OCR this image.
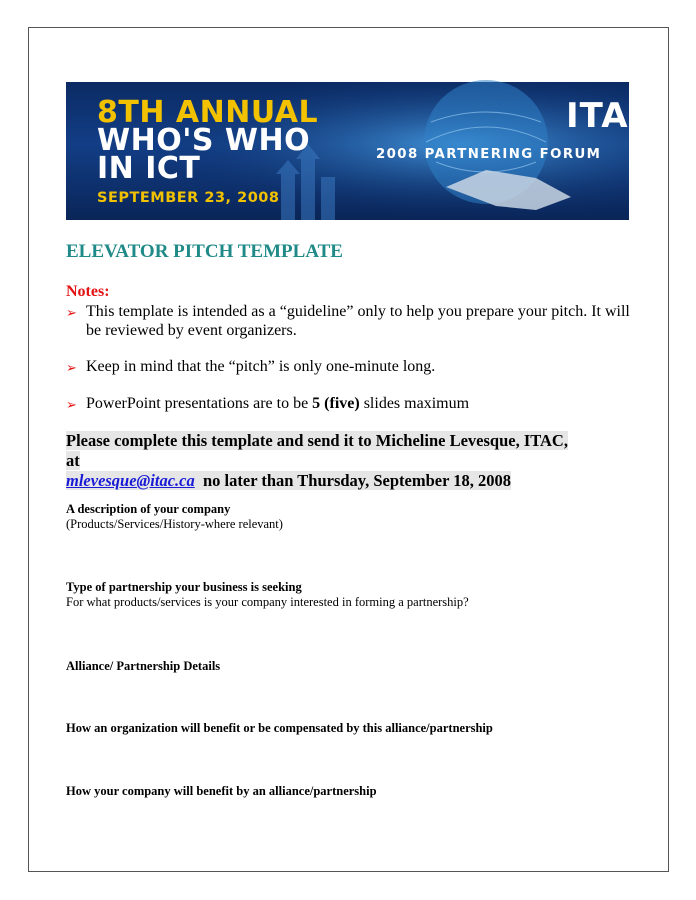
8TH ANNUAL
WHO'S WHO
IN ICT
SEPTEMBER 23, 2008
ITAC
2008 PARTNERING FORUM
ELEVATOR PITCH TEMPLATE
Notes:
➢ This template is intended as a “guideline” only to help you prepare your pitch. It will be reviewed by event organizers.
➢ Keep in mind that the “pitch” is only one-minute long.
➢ PowerPoint presentations are to be 5 (five) slides maximum
Please complete this template and send it to Micheline Levesque, ITAC, at
mlevesque@itac.ca  no later than Thursday, September 18, 2008
A description of your company
(Products/Services/History-where relevant)
Type of partnership your business is seeking
For what products/services is your company interested in forming a partnership?
Alliance/ Partnership Details
How an organization will benefit or be compensated by this alliance/partnership
How your company will benefit by an alliance/partnership
